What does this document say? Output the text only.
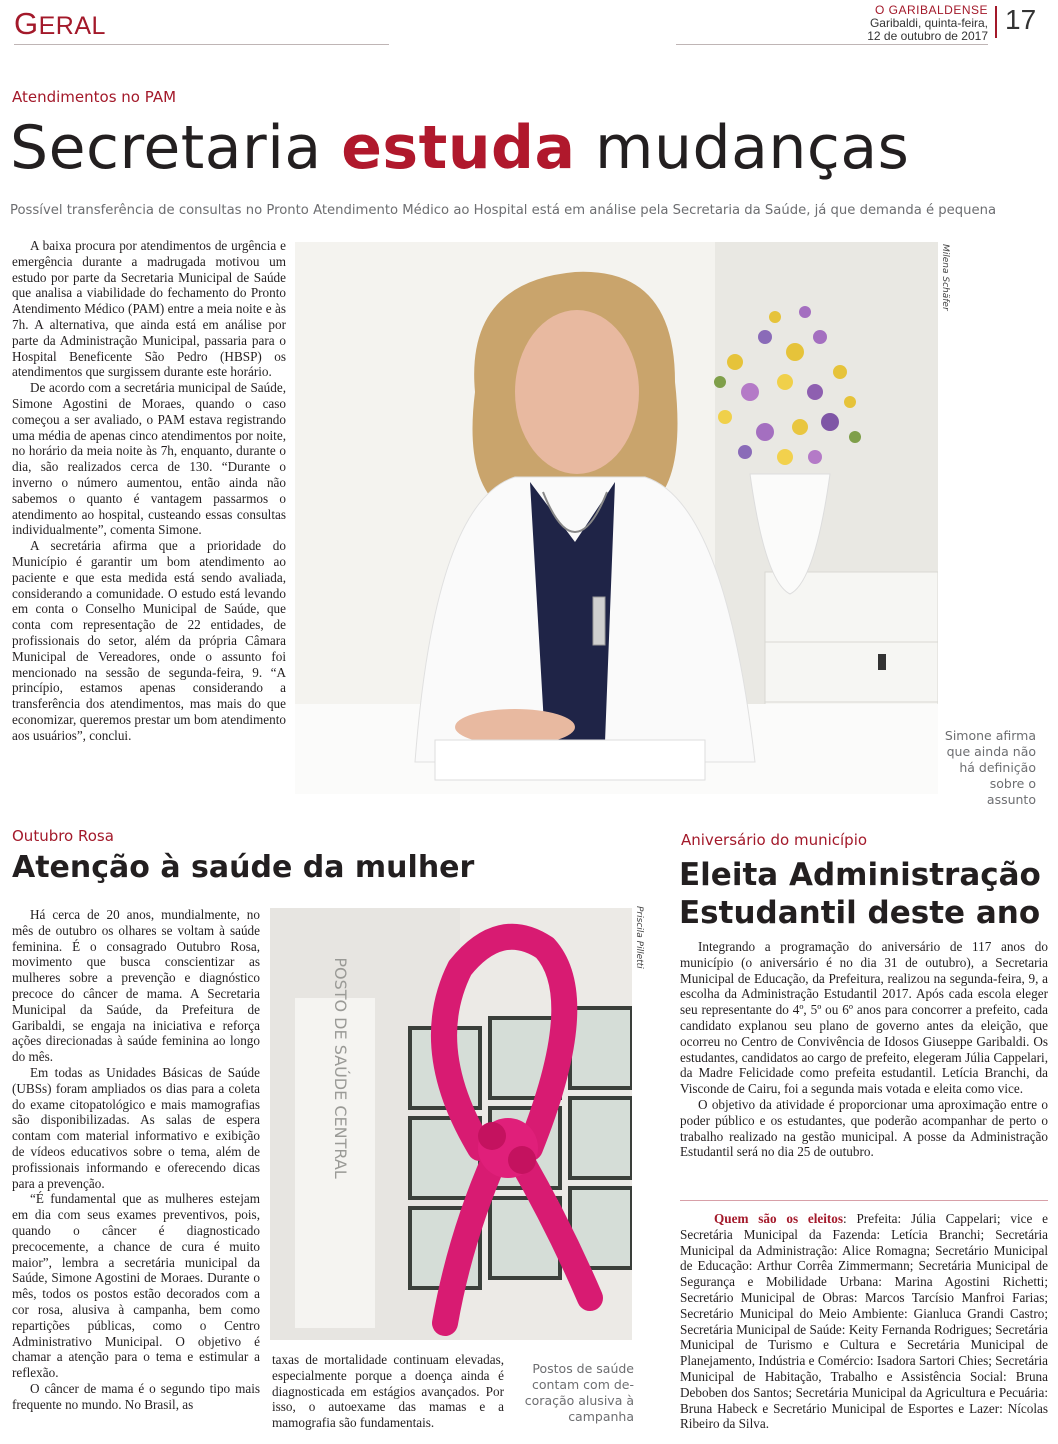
GERAL
O GARIBALDENSE
Garibaldi, quinta-feira,
12 de outubro de 2017
17
Atendimentos no PAM
Secretaria estuda mudanças
Possível transferência de consultas no Pronto Atendimento Médico ao Hospital está em análise pela Secretaria da Saúde, já que demanda é pequena

A baixa procura por atendimentos de urgência e emergência durante a madrugada motivou um estudo por parte da Secretaria Municipal de Saúde que analisa a viabilidade do fechamento do Pronto Atendimento Médico (PAM) entre a meia noite e às 7h. A alternativa, que ainda está em análise por parte da Administração Municipal, passaria para o Hospital Beneficente São Pedro (HBSP) os atendimentos que surgissem durante este horário.

De acordo com a secretária municipal de Saúde, Simone Agostini de Moraes, quando o caso começou a ser avaliado, o PAM estava registrando uma média de apenas cinco atendimentos por noite, no horário da meia noite às 7h, enquanto, durante o dia, são realizados cerca de 130. “Durante o inverno o número aumentou, então ainda não sabemos o quanto é vantagem passarmos o atendimento ao hospital, custeando essas consultas individualmente”, comenta Simone.

A secretária afirma que a prioridade do Município é garantir um bom atendimento ao paciente e que esta medida está sendo avaliada, considerando a comunidade. O estudo está levando em conta o Conselho Municipal de Saúde, que conta com representação de 22 entidades, de profissionais do setor, além da própria Câmara Municipal de Vereadores, onde o assunto foi mencionado na sessão de segunda-feira, 9. “A princípio, estamos apenas considerando a transferência dos atendimentos, mas mais do que economizar, queremos prestar um bom atendimento aos usuários”, conclui.

Milena Schäfer
Simone afirma
que ainda não
há definição
sobre o assunto
Outubro Rosa
Atenção à saúde da mulher

Há cerca de 20 anos, mundialmente, no mês de outubro os olhares se voltam à saúde feminina. É o consagrado Outubro Rosa, movimento que busca conscientizar as mulheres sobre a prevenção e diagnóstico precoce do câncer de mama. A Secretaria Municipal da Saúde, da Prefeitura de Garibaldi, se engaja na iniciativa e reforça ações direcionadas à saúde feminina ao longo do mês.

Em todas as Unidades Básicas de Saúde (UBSs) foram ampliados os dias para a coleta do exame citopatológico e mais mamografias são disponibilizadas. As salas de espera contam com material informativo e exibição de vídeos educativos sobre o tema, além de profissionais informando e oferecendo dicas para a prevenção.

“É fundamental que as mulheres estejam em dia com seus exames preventivos, pois, quando o câncer é diagnosticado precocemente, a chance de cura é muito maior”, lembra a secretária municipal da Saúde, Simone Agostini de Moraes. Durante o mês, todos os postos estão decorados com a cor rosa, alusiva à campanha, bem como repartições públicas, como o Centro Administrativo Municipal. O objetivo é chamar a atenção para o tema e estimular a reflexão.

O câncer de mama é o segundo tipo mais frequente no mundo. No Brasil, as

POSTO DE SAÚDE CENTRAL
Priscila Pilletti

taxas de mortalidade continuam elevadas, especialmente porque a doença ainda é diagnosticada em estágios avançados. Por isso, o autoexame das mamas e a mamografia são fundamentais.

Postos de saúde
contam com de-
coração alusiva à
campanha
Aniversário do município
Eleita Administração
Estudantil deste ano

Integrando a programação do aniversário de 117 anos do município (o aniversário é no dia 31 de outubro), a Secretaria Municipal de Educação, da Prefeitura, realizou na segunda-feira, 9, a escolha da Administração Estudantil 2017. Após cada escola eleger seu representante do 4º, 5º ou 6º anos para concorrer a prefeito, cada candidato explanou seu plano de governo antes da eleição, que ocorreu no Centro de Convivência de Idosos Giuseppe Garibaldi. Os estudantes, candidatos ao cargo de prefeito, elegeram Júlia Cappelari, da Madre Felicidade como prefeita estudantil. Letícia Branchi, da Visconde de Cairu, foi a segunda mais votada e eleita como vice.

O objetivo da atividade é proporcionar uma aproximação entre o poder público e os estudantes, que poderão acompanhar de perto o trabalho realizado na gestão municipal. A posse da Administração Estudantil será no dia 25 de outubro.

Quem são os eleitos: Prefeita: Júlia Cappelari; vice e Secretária Municipal da Fazenda: Letícia Branchi; Secretária Municipal da Administração: Alice Romagna; Secretário Municipal de Educação: Arthur Corrêa Zimmermann; Secretária Municipal de Segurança e Mobilidade Urbana: Marina Agostini Richetti; Secretário Municipal de Obras: Marcos Tarcísio Manfroi Farias; Secretário Municipal do Meio Ambiente: Gianluca Grandi Castro; Secretária Municipal de Saúde: Keity Fernanda Rodrigues; Secretária Municipal de Turismo e Cultura e Secretária Municipal de Planejamento, Indústria e Comércio: Isadora Sartori Chies; Secretária Municipal de Habitação, Trabalho e Assistência Social: Bruna Deboben dos Santos; Secretária Municipal da Agricultura e Pecuária: Bruna Habeck e Secretário Municipal de Esportes e Lazer: Nícolas Ribeiro da Silva.
